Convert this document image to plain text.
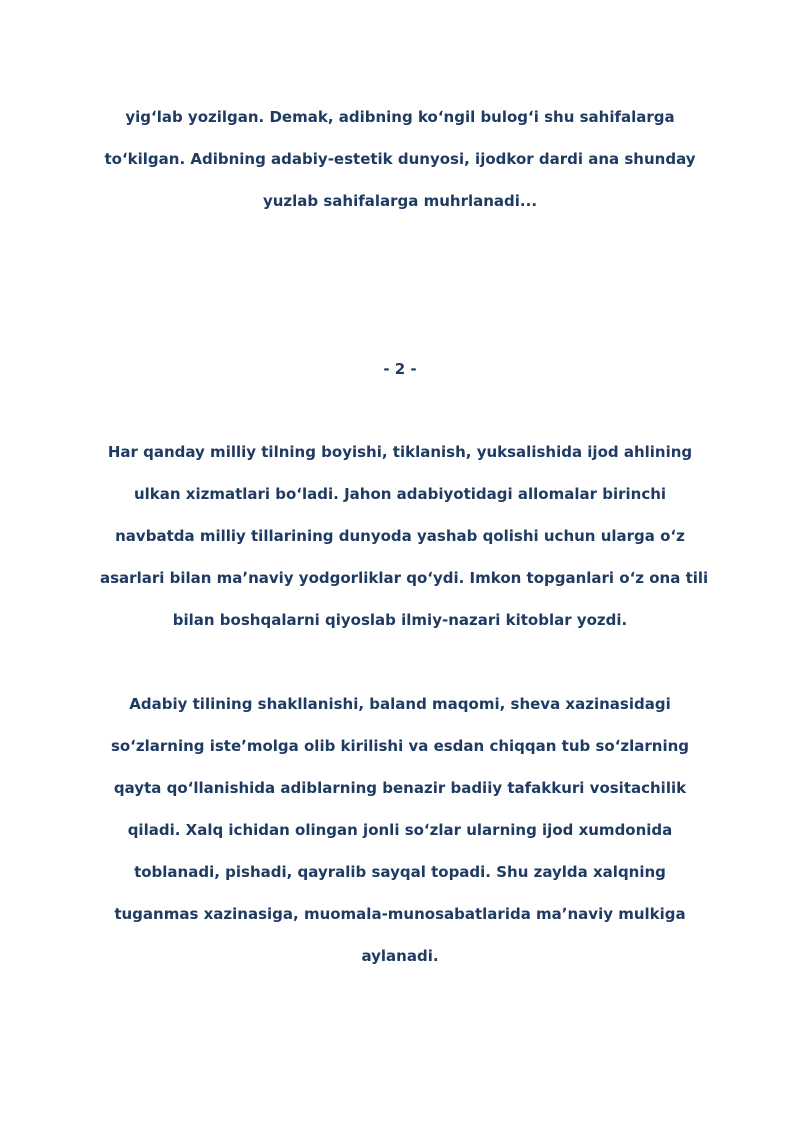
yigʻlab yozilgan. Demak, adibning koʻngil bulogʻi shu sahifalarga
toʻkilgan. Adibning adabiy-estetik dunyosi, ijodkor dardi ana shunday
yuzlab sahifalarga muhrlanadi...
- 2 -
Har qanday milliy tilning boyishi, tiklanish, yuksalishida ijod ahlining
ulkan xizmatlari boʻladi. Jahon adabiyotidagi allomalar birinchi
navbatda milliy tillarining dunyoda yashab qolishi uchun ularga oʻz
asarlari bilan maʼnaviy yodgorliklar qoʻydi. Imkon topganlari oʻz ona tili
bilan boshqalarni qiyoslab ilmiy-nazari kitoblar yozdi.
Adabiy tilining shakllanishi, baland maqomi, sheva xazinasidagi
soʻzlarning isteʼmolga olib kirilishi va esdan chiqqan tub soʻzlarning
qayta qoʻllanishida adiblarning benazir badiiy tafakkuri vositachilik
qiladi. Xalq ichidan olingan jonli soʻzlar ularning ijod xumdonida
toblanadi, pishadi, qayralib sayqal topadi. Shu zaylda xalqning
tuganmas xazinasiga, muomala-munosabatlarida maʼnaviy mulkiga
aylanadi.
